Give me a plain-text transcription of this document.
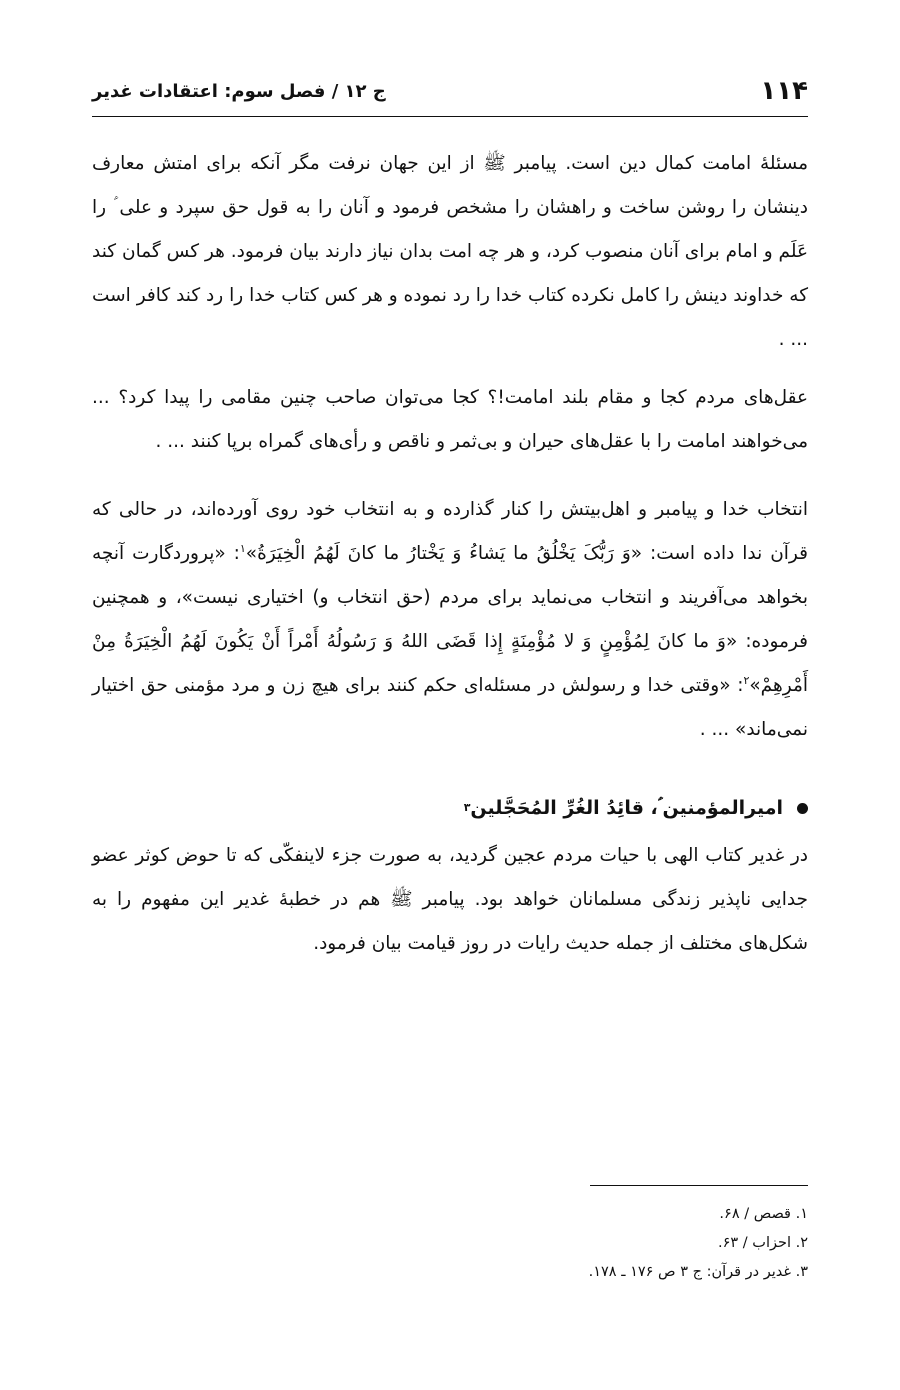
۱۱۴
ج ۱۲ / فصل سوم: اعتقادات غدیر

مسئلهٔ امامت کمال دین است. پیامبر ﷺ از این جهان نرفت مگر آنکه برای امتش معارف دینشان را روشن ساخت و راهشان را مشخص فرمود و آنان را به قول حق سپرد و علی ؑ را عَلَم و امام برای آنان منصوب کرد، و هر چه امت بدان نیاز دارند بیان فرمود. هر کس گمان کند که خداوند دینش را کامل نکرده کتاب خدا را رد نموده و هر کس کتاب خدا را رد کند کافر است ... .

عقل‌های مردم کجا و مقام بلند امامت!؟ کجا می‌توان صاحب چنین مقامی را پیدا کرد؟ ... می‌خواهند امامت را با عقل‌های حیران و بی‌ثمر و ناقص و رأی‌های گمراه برپا کنند ... .

انتخاب خدا و پیامبر و اهل‌بیتش را کنار گذارده و به انتخاب خود روی آورده‌اند، در حالی که قرآن ندا داده است: «وَ رَبُّکَ یَخْلُقُ ما یَشاءُ وَ یَخْتارُ ما کانَ لَهُمُ الْخِیَرَةُ»$^۱$: «پروردگارت آنچه بخواهد می‌آفریند و انتخاب می‌نماید برای مردم (حق انتخاب و) اختیاری نیست»، و همچنین فرموده: «وَ ما کانَ لِمُؤْمِنٍ وَ لا مُؤْمِنَةٍ إِذا قَضَی اللهُ وَ رَسُولُهُ أَمْراً أَنْ یَکُونَ لَهُمُ الْخِیَرَةُ مِنْ أَمْرِهِمْ»$^۲$: «وقتی خدا و رسولش در مسئله‌ای حکم کنند برای هیچ زن و مرد مؤمنی حق اختیار نمی‌ماند» ... .

امیرالمؤمنین ؑ، قائِدُ الغُرِّ المُحَجَّلین
۳

در غدیر کتاب الهی با حیات مردم عجین گردید، به صورت جزء لاینفکّی که تا حوض کوثر عضو جدایی ناپذیر زندگی مسلمانان خواهد بود. پیامبر ﷺ هم در خطبهٔ غدیر این مفهوم را به شکل‌های مختلف از جمله حدیث رایات در روز قیامت بیان فرمود.

۱. قصص / ۶۸.
۲. احزاب / ۶۳.
۳. غدیر در قرآن: ج ۳ ص ۱۷۶ ـ ۱۷۸.
